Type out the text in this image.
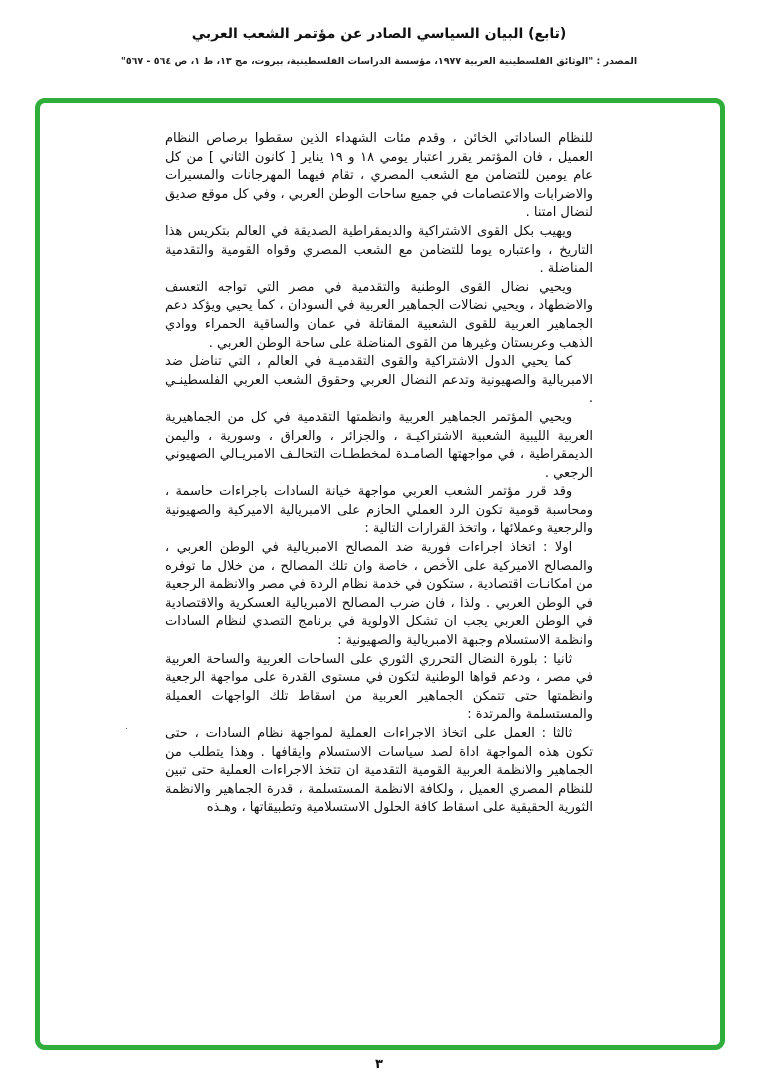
(تابع) البيان السياسي الصادر عن مؤتمر الشعب العربي
المصدر : "الوثائق الفلسطينية العربية ١٩٧٧، مؤسسة الدراسات الفلسطينية، بيروت، مج ١٣، ط ١، ص ٥٦٤ - ٥٦٧"

للنظام الساداتي الخائن ، وقدم مئات الشهداء الذين سقطوا برصاص النظام العميل ، فان المؤتمر يقرر اعتبار يومي ١٨ و ١٩ يناير [ كانون الثاني ] من كل عام يومين للتضامن مع الشعب المصري ، تقام فيهما المهرجانات والمسيرات والاضرابات والاعتصامات في جميع ساحات الوطن العربي ، وفي كل موقع صديق لنضال امتنا .

ويهيب بكل القوى الاشتراكية والديمقراطية الصديقة في العالم بتكريس هذا التاريخ ، واعتباره يوما للتضامن مع الشعب المصري وقواه القومية والتقدمية المناضلة .

ويحيي نضال القوى الوطنية والتقدمية في مصر التي تواجه التعسف والاضطهاد ، ويحيي نضالات الجماهير العربية في السودان ، كما يحيي ويؤكد دعم الجماهير العربية للقوى الشعبية المقاتلة في عمان والساقية الحمراء ووادي الذهب وعربستان وغيرها من القوى المناضلة على ساحة الوطن العربي .

كما يحيي الدول الاشتراكية والقوى التقدميـة في العالم ، التي تناضل ضد الامبريالية والصهيونية وتدعم النضال العربي وحقوق الشعب العربي الفلسطينـي .

ويحيي المؤتمر الجماهير العربية وانظمتها التقدمية في كل من الجماهيرية العربية الليبية الشعبية الاشتراكيـة ، والجزائر ، والعراق ، وسورية ، واليمن الديمقراطية ، في مواجهتها الصامـدة لمخططـات التحالـف الامبريـالي الصهيوني الرجعي .

وقد قرر مؤتمر الشعب العربي مواجهة خيانة السادات باجراءات حاسمة ، ومحاسبة قومية تكون الرد العملي الحازم على الامبريالية الاميركية والصهيونية والرجعية وعملائها ، واتخذ القرارات التالية :

اولا : اتخاذ اجراءات فورية ضد المصالح الامبريالية في الوطن العربي ، والمصالح الاميركية على الأخص ، خاصة وان تلك المصالح ، من خلال ما توفره من امكانـات اقتصادية ، ستكون في خدمة نظام الردة في مصر والانظمة الرجعية في الوطن العربي . ولذا ، فان ضرب المصالح الامبريالية العسكرية والاقتصادية في الوطن العربي يجب ان تشكل الاولوية في برنامج التصدي لنظام السادات وانظمة الاستسلام وجبهة الامبريالية والصهيونية :

ثانيا : بلورة النضال التحرري الثوري على الساحات العربية والساحة العربية في مصر ، ودعم قواها الوطنية لتكون في مستوى القدرة على مواجهة الرجعية وانظمتها حتى تتمكن الجماهير العربية من اسقاط تلك الواجهات العميلة والمستسلمة والمرتدة :

ثالثا : العمل على اتخاذ الاجراءات العملية لمواجهة نظام السادات ، حتى تكون هذه المواجهة اداة لصد سياسات الاستسلام وايقافها . وهذا يتطلب من الجماهير والانظمة العربية القومية التقدمية ان تتخذ الاجراءات العملية حتى تبين للنظام المصري العميل ، ولكافة الانظمة المستسلمة ، قدرة الجماهير والانظمة الثورية الحقيقية على اسقاط كافة الحلول الاستسلامية وتطبيقاتها ، وهـذه

٠
٣
